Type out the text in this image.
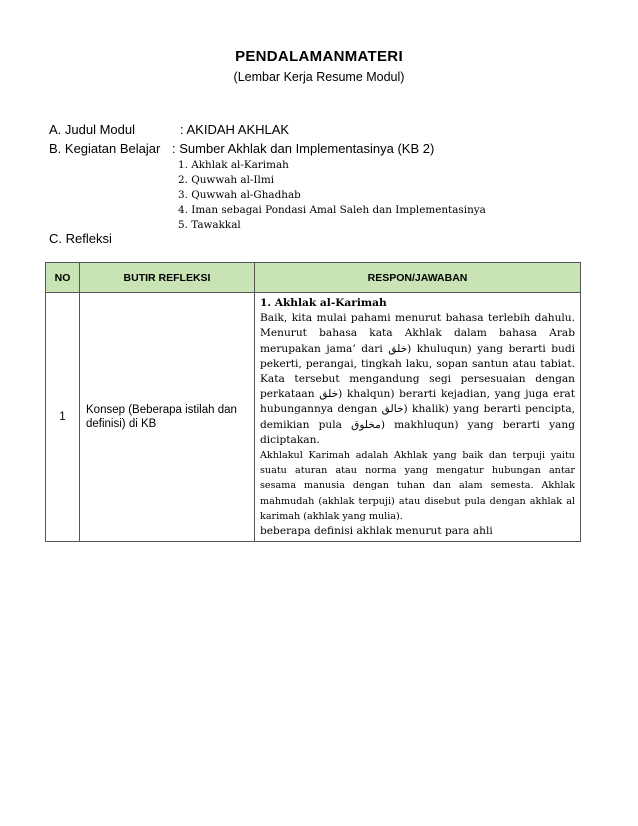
PENDALAMANMATERI
(Lembar Kerja Resume Modul)
A. Judul Modul	: AKIDAH AKHLAK
B. Kegiatan Belajar : Sumber Akhlak dan Implementasinya (KB 2)
1. Akhlak al-Karimah
2. Quwwah al-Ilmi
3. Quwwah al-Ghadhab
4. Iman sebagai Pondasi Amal Saleh dan Implementasinya
5. Tawakkal
C. Refleksi
NO	BUTIR REFLEKSI	RESPON/JAWABAN
1	Konsep (Beberapa istilah dan definisi) di KB	1. Akhlak al-Karimah

Baik, kita mulai pahami menurut bahasa terlebih dahulu. Menurut bahasa kata Akhlak dalam bahasa Arab merupakan jama’ dari خلق) khuluqun) yang berarti budi pekerti, perangai, tingkah laku, sopan santun atau tabiat. Kata tersebut mengandung segi persesuaian dengan perkataan خلق) khalqun) berarti kejadian, yang juga erat hubungannya dengan خالق) khalik) yang berarti pencipta, demikian pula مخلوق) makhluqun) yang berarti yang diciptakan.

Akhlakul Karimah adalah Akhlak yang baik dan terpuji yaitu suatu aturan atau norma yang mengatur hubungan antar sesama manusia dengan tuhan dan alam semesta. Akhlak mahmudah (akhlak terpuji) atau disebut pula dengan akhlak al karimah (akhlak yang mulia).

beberapa definisi akhlak menurut para ahli
